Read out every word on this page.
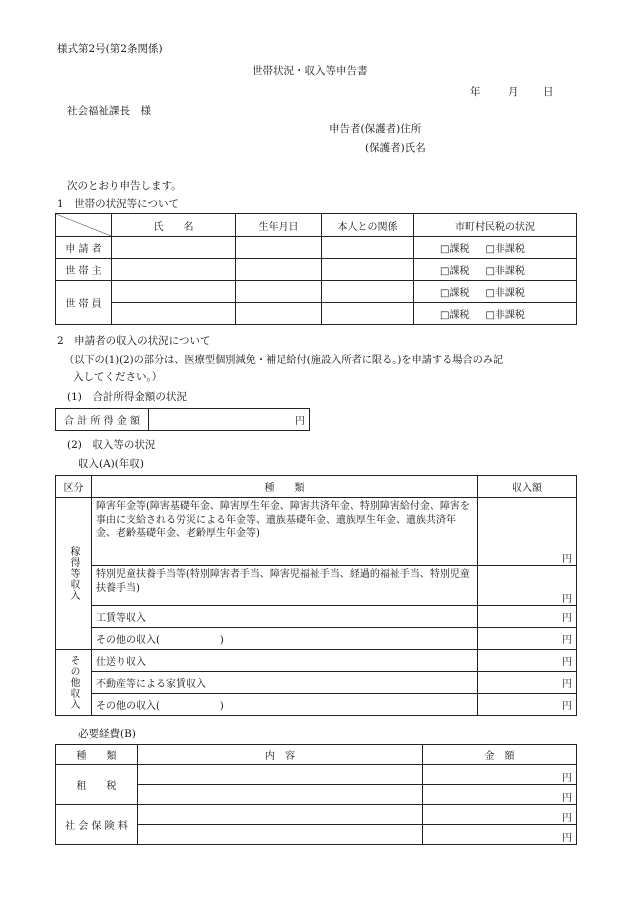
様式第2号(第2条関係)
世帯状況・収入等申告書
年	月 日
社会福祉課長　様
申告者(保護者)住所
(保護者)氏名
次のとおり申告します。
1　世帯の状況等について
	氏　　名	生年月日	本人との関係	市町村民税の状況
申 請 者				□課税 □非課税
世 帯 主				□課税 □非課税
世 帯 員				□課税 □非課税
				□課税 □非課税
2　申請者の収入の状況について
（以下の(1)(2)の部分は、医療型個別減免・補足給付(施設入所者に限る。)を申請する場合のみ記
入してください。）
(1)　合計所得金額の状況
合 計 所 得 金 額	円
(2)　収入等の状況
収入(A)(年収)
区分	種　　類	収入額

稼得等収入	障害年金等(障害基礎年金、障害厚生年金、障害共済年金、特別障害給付金、障害を事由に支給される労災による年金等、遺族基礎年金、遺族厚生年金、遺族共済年金、老齢基礎年金、老齢厚生年金等)	円
	特別児童扶養手当等(特別障害者手当、障害児福祉手当、経過的福祉手当、特別児童扶養手当)	円
	工賃等収入	円
	その他の収入(　　　　　　)	円

その他収入	仕送り収入	円
	不動産等による家賃収入	円
	その他の収入(　　　　　　)	円
必要経費(B)
種　　類	内　容	金　額
租　　税		円
		円
社 会 保 険 料		円
		円
